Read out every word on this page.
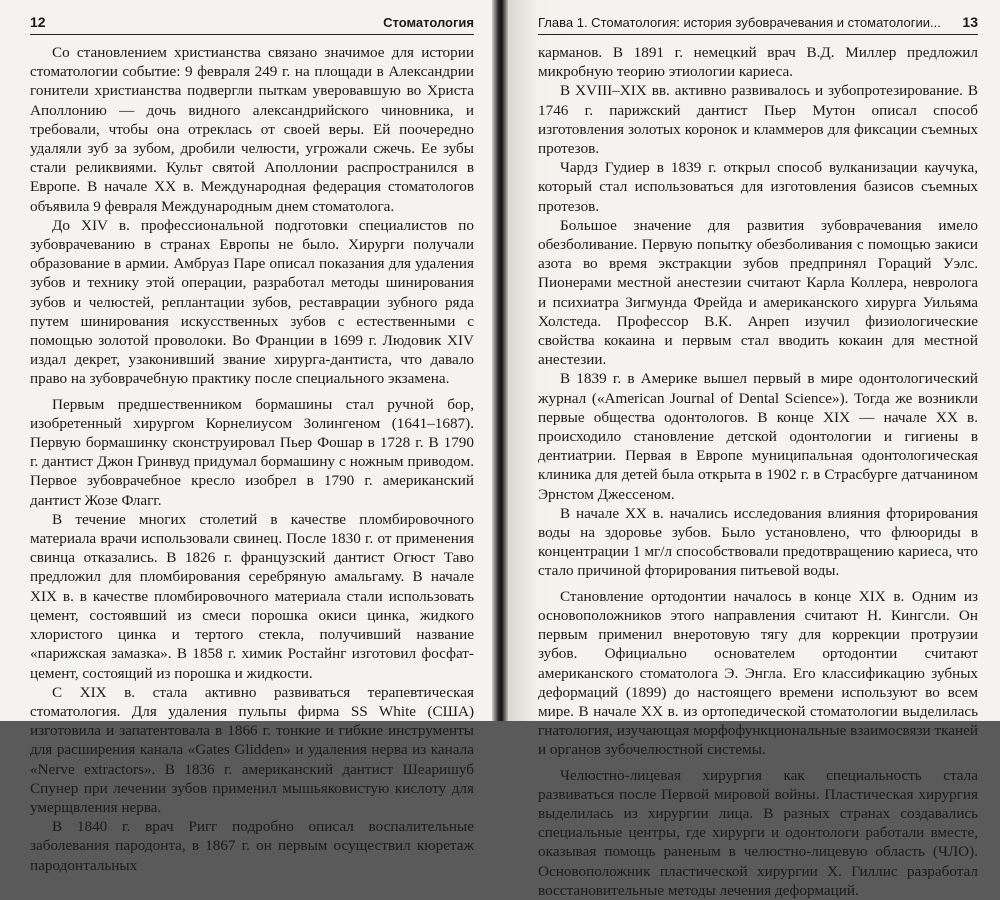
12	Стоматология

Со становлением христианства связано значимое для истории стоматологии событие: 9 февраля 249 г. на площади в Александрии гонители христианства подвергли пыткам уверовавшую во Христа Аполлонию — дочь видного александрийского чиновника, и требовали, чтобы она отреклась от своей веры. Ей поочередно удаляли зуб за зубом, дробили челюсти, угрожали сжечь. Ее зубы стали реликвиями. Культ святой Аполлонии распространился в Европе. В начале XX в. Международная федерация стоматологов объявила 9 февраля Международным днем стоматолога.

До XIV в. профессиональной подготовки специалистов по зубоврачеванию в странах Европы не было. Хирурги получали образование в армии. Амбруаз Паре описал показания для удаления зубов и технику этой операции, разработал методы шинирования зубов и челюстей, реплантации зубов, реставрации зубного ряда путем шинирования искусственных зубов с естественными с помощью золотой проволоки. Во Франции в 1699 г. Людовик XIV издал декрет, узаконивший звание хирурга-дантиста, что давало право на зубоврачебную практику после специального экзамена.

Первым предшественником бормашины стал ручной бор, изобретенный хирургом Корнелиусом Золингеном (1641–1687). Первую бормашинку сконструировал Пьер Фошар в 1728 г. В 1790 г. дантист Джон Гринвуд придумал бормашину с ножным приводом. Первое зубоврачебное кресло изобрел в 1790 г. американский дантист Жозе Флагг.

В течение многих столетий в качестве пломбировочного материала врачи использовали свинец. После 1830 г. от применения свинца отказались. В 1826 г. французский дантист Огюст Таво предложил для пломбирования серебряную амальгаму. В начале XIX в. в качестве пломбировочного материала стали использовать цемент, состоявший из смеси порошка окиси цинка, жидкого хлористого цинка и тертого стекла, получивший название «парижская замазка». В 1858 г. химик Ростайнг изготовил фосфат-цемент, состоящий из порошка и жидкости.

С XIX в. стала активно развиваться терапевтическая стоматология. Для удаления пульпы фирма SS White (США) изготовила и запатентовала в 1866 г. тонкие и гибкие инструменты для расширения канала «Gates Glidden» и удаления нерва из канала «Nerve extractors». В 1836 г. американский дантист Шеаришуб Спунер при лечении зубов применил мышьяковистую кислоту для умерщвления нерва.

В 1840 г. врач Ригг подробно описал воспалительные заболевания пародонта, в 1867 г. он первым осуществил кюретаж пародонтальных

Глава 1. Стоматология: история зубоврачевания и стоматологии... 13

карманов. В 1891 г. немецкий врач В.Д. Миллер предложил микробную теорию этиологии кариеса.

В XVIII–XIX вв. активно развивалось и зубопротезирование. В 1746 г. парижский дантист Пьер Мутон описал способ изготовления золотых коронок и кламмеров для фиксации съемных протезов.

Чардз Гудиер в 1839 г. открыл способ вулканизации каучука, который стал использоваться для изготовления базисов съемных протезов.

Большое значение для развития зубоврачевания имело обезболивание. Первую попытку обезболивания с помощью закиси азота во время экстракции зубов предпринял Гораций Уэлс. Пионерами местной анестезии считают Карла Коллера, невролога и психиатра Зигмунда Фрейда и американского хирурга Уильяма Холстеда. Профессор В.К. Анреп изучил физиологические свойства кокаина и первым стал вводить кокаин для местной анестезии.

В 1839 г. в Америке вышел первый в мире одонтологический журнал («American Journal of Dental Science»). Тогда же возникли первые общества одонтологов. В конце XIX — начале XX в. происходило становление детской одонтологии и гигиены в дентиатрии. Первая в Европе муниципальная одонтологическая клиника для детей была открыта в 1902 г. в Страсбурге датчанином Эрнстом Джессеном.

В начале XX в. начались исследования влияния фторирования воды на здоровье зубов. Было установлено, что флюориды в концентрации 1 мг/л способствовали предотвращению кариеса, что стало причиной фторирования питьевой воды.

Становление ортодонтии началось в конце XIX в. Одним из основоположников этого направления считают Н. Кингсли. Он первым применил внеротовую тягу для коррекции протрузии зубов. Официально основателем ортодонтии считают американского стоматолога Э. Энгла. Его классификацию зубных деформаций (1899) до настоящего времени используют во всем мире. В начале XX в. из ортопедической стоматологии выделилась гнатология, изучающая морфофункциональные взаимосвязи тканей и органов зубочелюстной системы.

Челюстно-лицевая хирургия как специальность стала развиваться после Первой мировой войны. Пластическая хирургия выделилась из хирургии лица. В разных странах создавались специальные центры, где хирурги и одонтологи работали вместе, оказывая помощь раненым в челюстно-лицевую область (ЧЛО). Основоположник пластической хирургии Х. Гиллис разработал восстановительные методы лечения деформаций.
